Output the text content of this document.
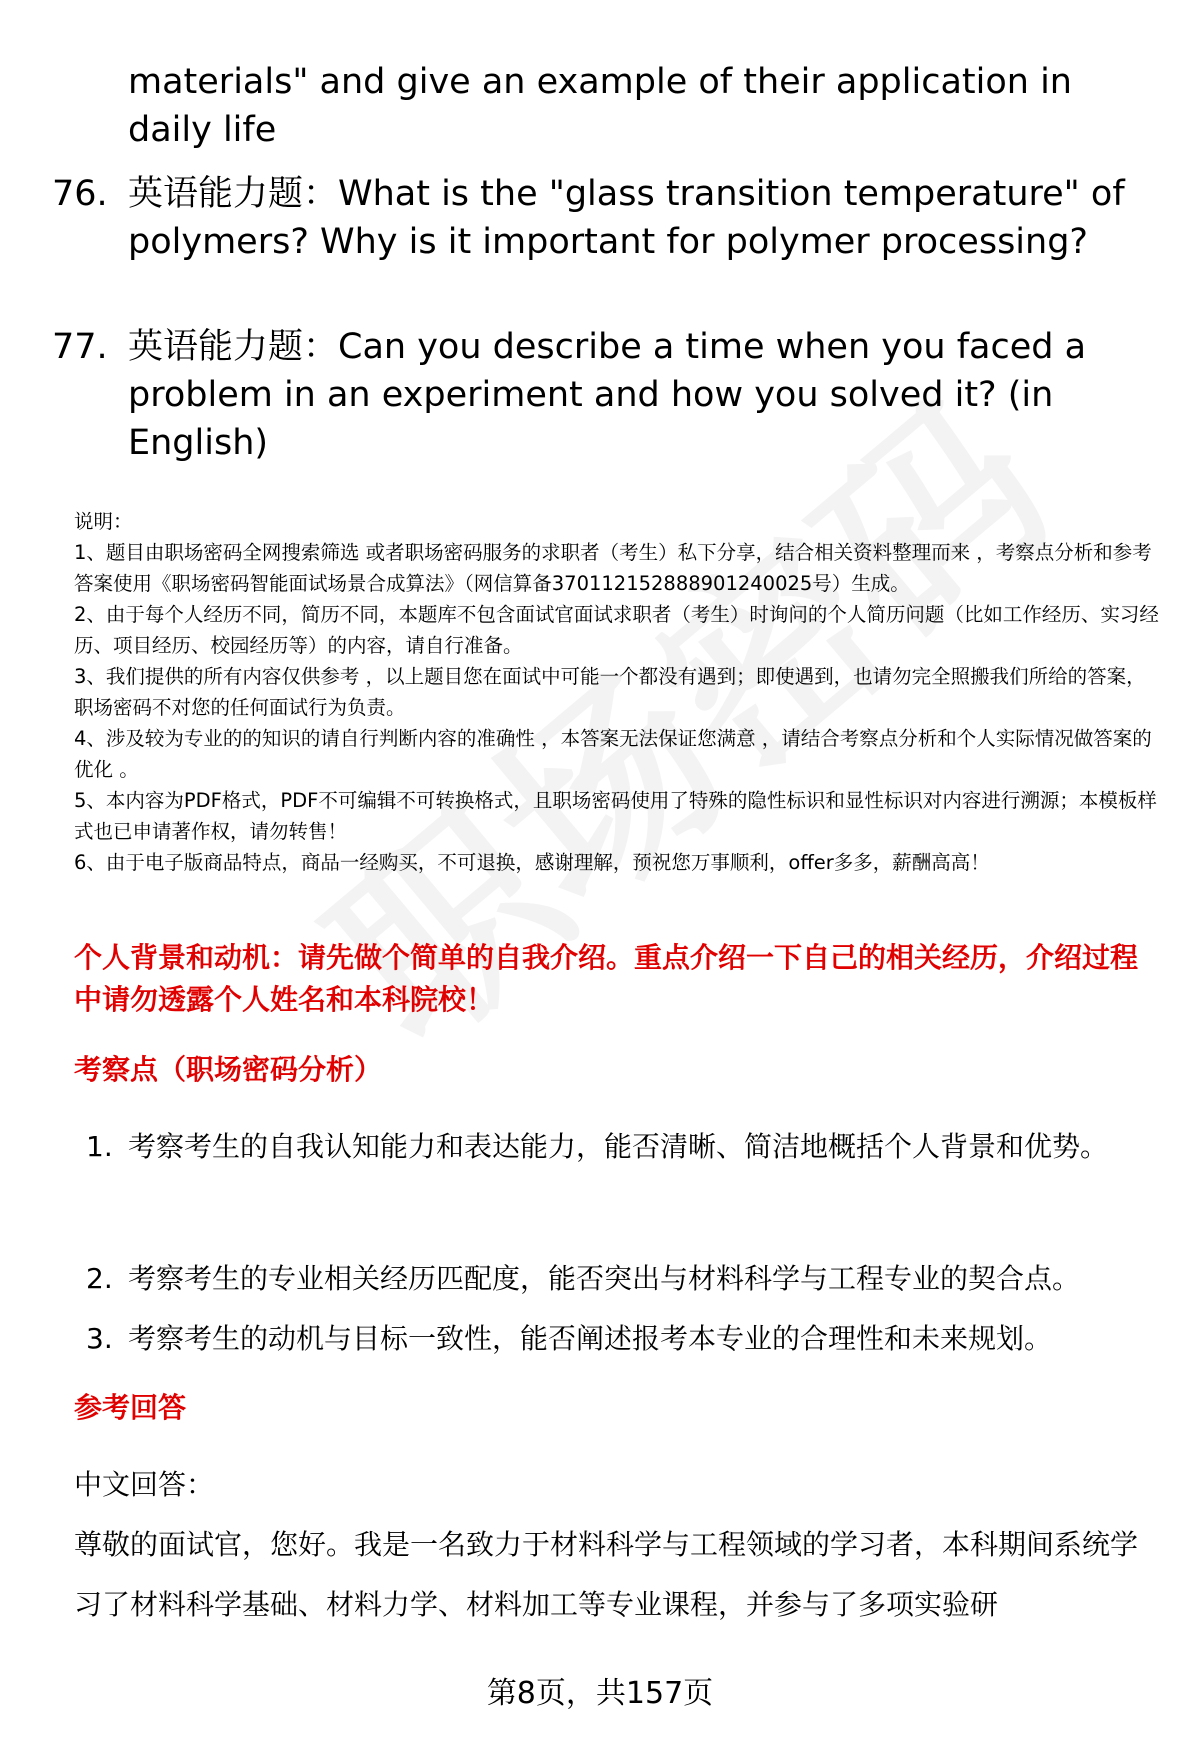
materials" and give an example of their application in daily life
76. 英语能力题：What is the "glass transition temperature" of polymers? Why is it important for polymer processing?
77. 英语能力题：Can you describe a time when you faced a problem in an experiment and how you solved it? (in English)

说明：

1、题目由职场密码全网搜索筛选 或者职场密码服务的求职者（考生）私下分享，结合相关资料整理而来 ，考察点分析和参考答案使用《职场密码智能面试场景合成算法》（网信算备370112152888901240025号）生成。

2、由于每个人经历不同，简历不同，本题库不包含面试官面试求职者（考生）时询问的个人简历问题（比如工作经历、实习经历、项目经历、校园经历等）的内容，请自行准备。

3、我们提供的所有内容仅供参考 ，以上题目您在面试中可能一个都没有遇到；即使遇到，也请勿完全照搬我们所给的答案，职场密码不对您的任何面试行为负责。

4、涉及较为专业的的知识的请自行判断内容的准确性 ，本答案无法保证您满意 ，请结合考察点分析和个人实际情况做答案的优化 。

5、本内容为PDF格式，PDF不可编辑不可转换格式，且职场密码使用了特殊的隐性标识和显性标识对内容进行溯源；本模板样式也已申请著作权，请勿转售！

6、由于电子版商品特点，商品一经购买，不可退换，感谢理解，预祝您万事顺利，offer多多，薪酬高高！

个人背景和动机：请先做个简单的自我介绍。重点介绍一下自己的相关经历，介绍过程中请勿透露个人姓名和本科院校！
考察点（职场密码分析）
1. 考察考生的自我认知能力和表达能力，能否清晰、简洁地概括个人背景和优势。
2. 考察考生的专业相关经历匹配度，能否突出与材料科学与工程专业的契合点。
3. 考察考生的动机与目标一致性，能否阐述报考本专业的合理性和未来规划。
参考回答

中文回答：

尊敬的面试官，您好。我是一名致力于材料科学与工程领域的学习者，本科期间系统学习了材料科学基础、材料力学、材料加工等专业课程，并参与了多项实验研

第8页，共157页
